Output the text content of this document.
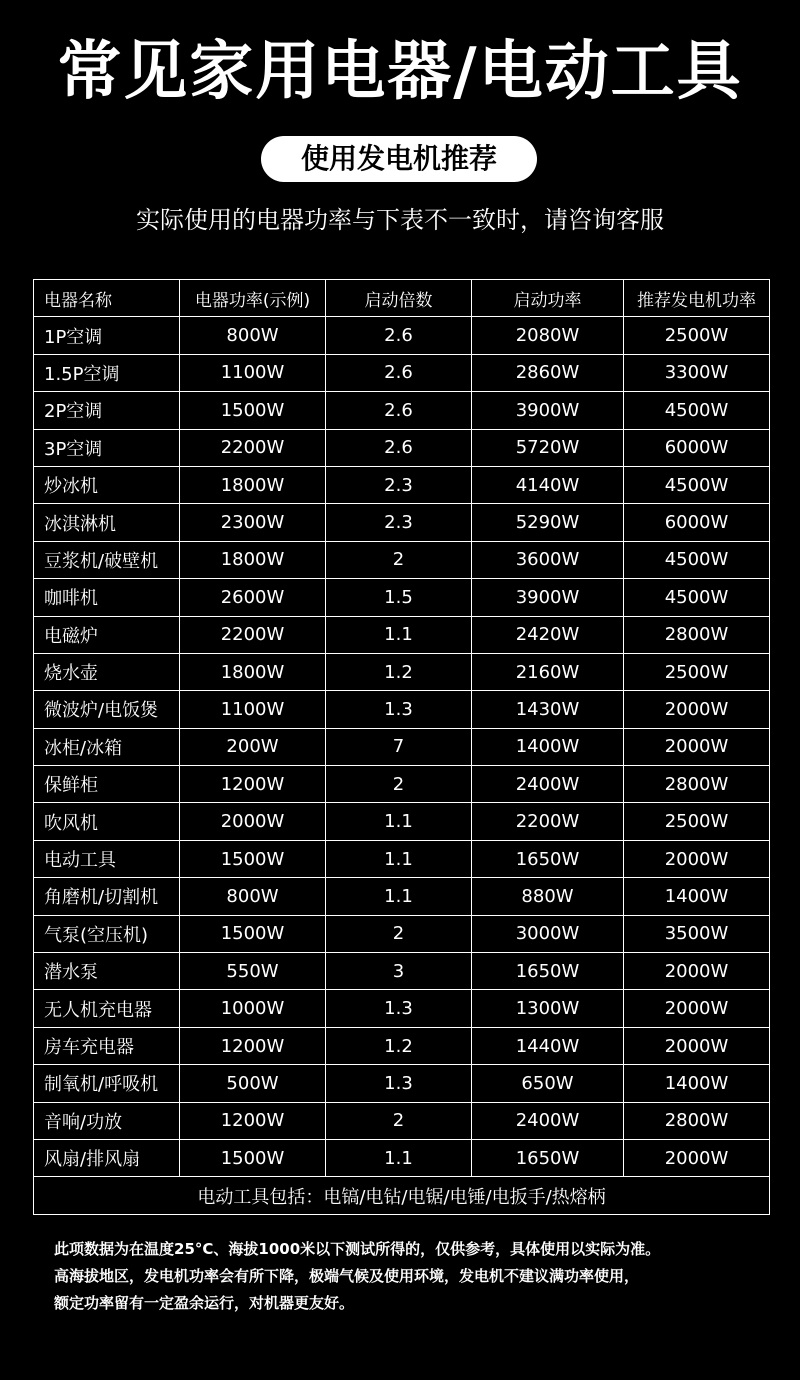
常见家用电器/电动工具
使用发电机推荐
实际使用的电器功率与下表不一致时，请咨询客服
电器名称	电器功率(示例)	启动倍数	启动功率	推荐发电机功率
1P空调	800W	2.6	2080W	2500W
1.5P空调	1100W	2.6	2860W	3300W
2P空调	1500W	2.6	3900W	4500W
3P空调	2200W	2.6	5720W	6000W
炒冰机	1800W	2.3	4140W	4500W
冰淇淋机	2300W	2.3	5290W	6000W
豆浆机/破壁机	1800W	2	3600W	4500W
咖啡机	2600W	1.5	3900W	4500W
电磁炉	2200W	1.1	2420W	2800W
烧水壶	1800W	1.2	2160W	2500W
微波炉/电饭煲	1100W	1.3	1430W	2000W
冰柜/冰箱	200W	7	1400W	2000W
保鲜柜	1200W	2	2400W	2800W
吹风机	2000W	1.1	2200W	2500W
电动工具	1500W	1.1	1650W	2000W
角磨机/切割机	800W	1.1	880W	1400W
气泵(空压机)	1500W	2	3000W	3500W
潜水泵	550W	3	1650W	2000W
无人机充电器	1000W	1.3	1300W	2000W
房车充电器	1200W	1.2	1440W	2000W
制氧机/呼吸机	500W	1.3	650W	1400W
音响/功放	1200W	2	2400W	2800W
风扇/排风扇	1500W	1.1	1650W	2000W
电动工具包括：电镐/电钻/电锯/电锤/电扳手/热熔柄				
此项数据为在温度25°C、海拔1000米以下测试所得的，仅供参考，具体使用以实际为准。
高海拔地区，发电机功率会有所下降，极端气候及使用环境，发电机不建议满功率使用，
额定功率留有一定盈余运行，对机器更友好。
